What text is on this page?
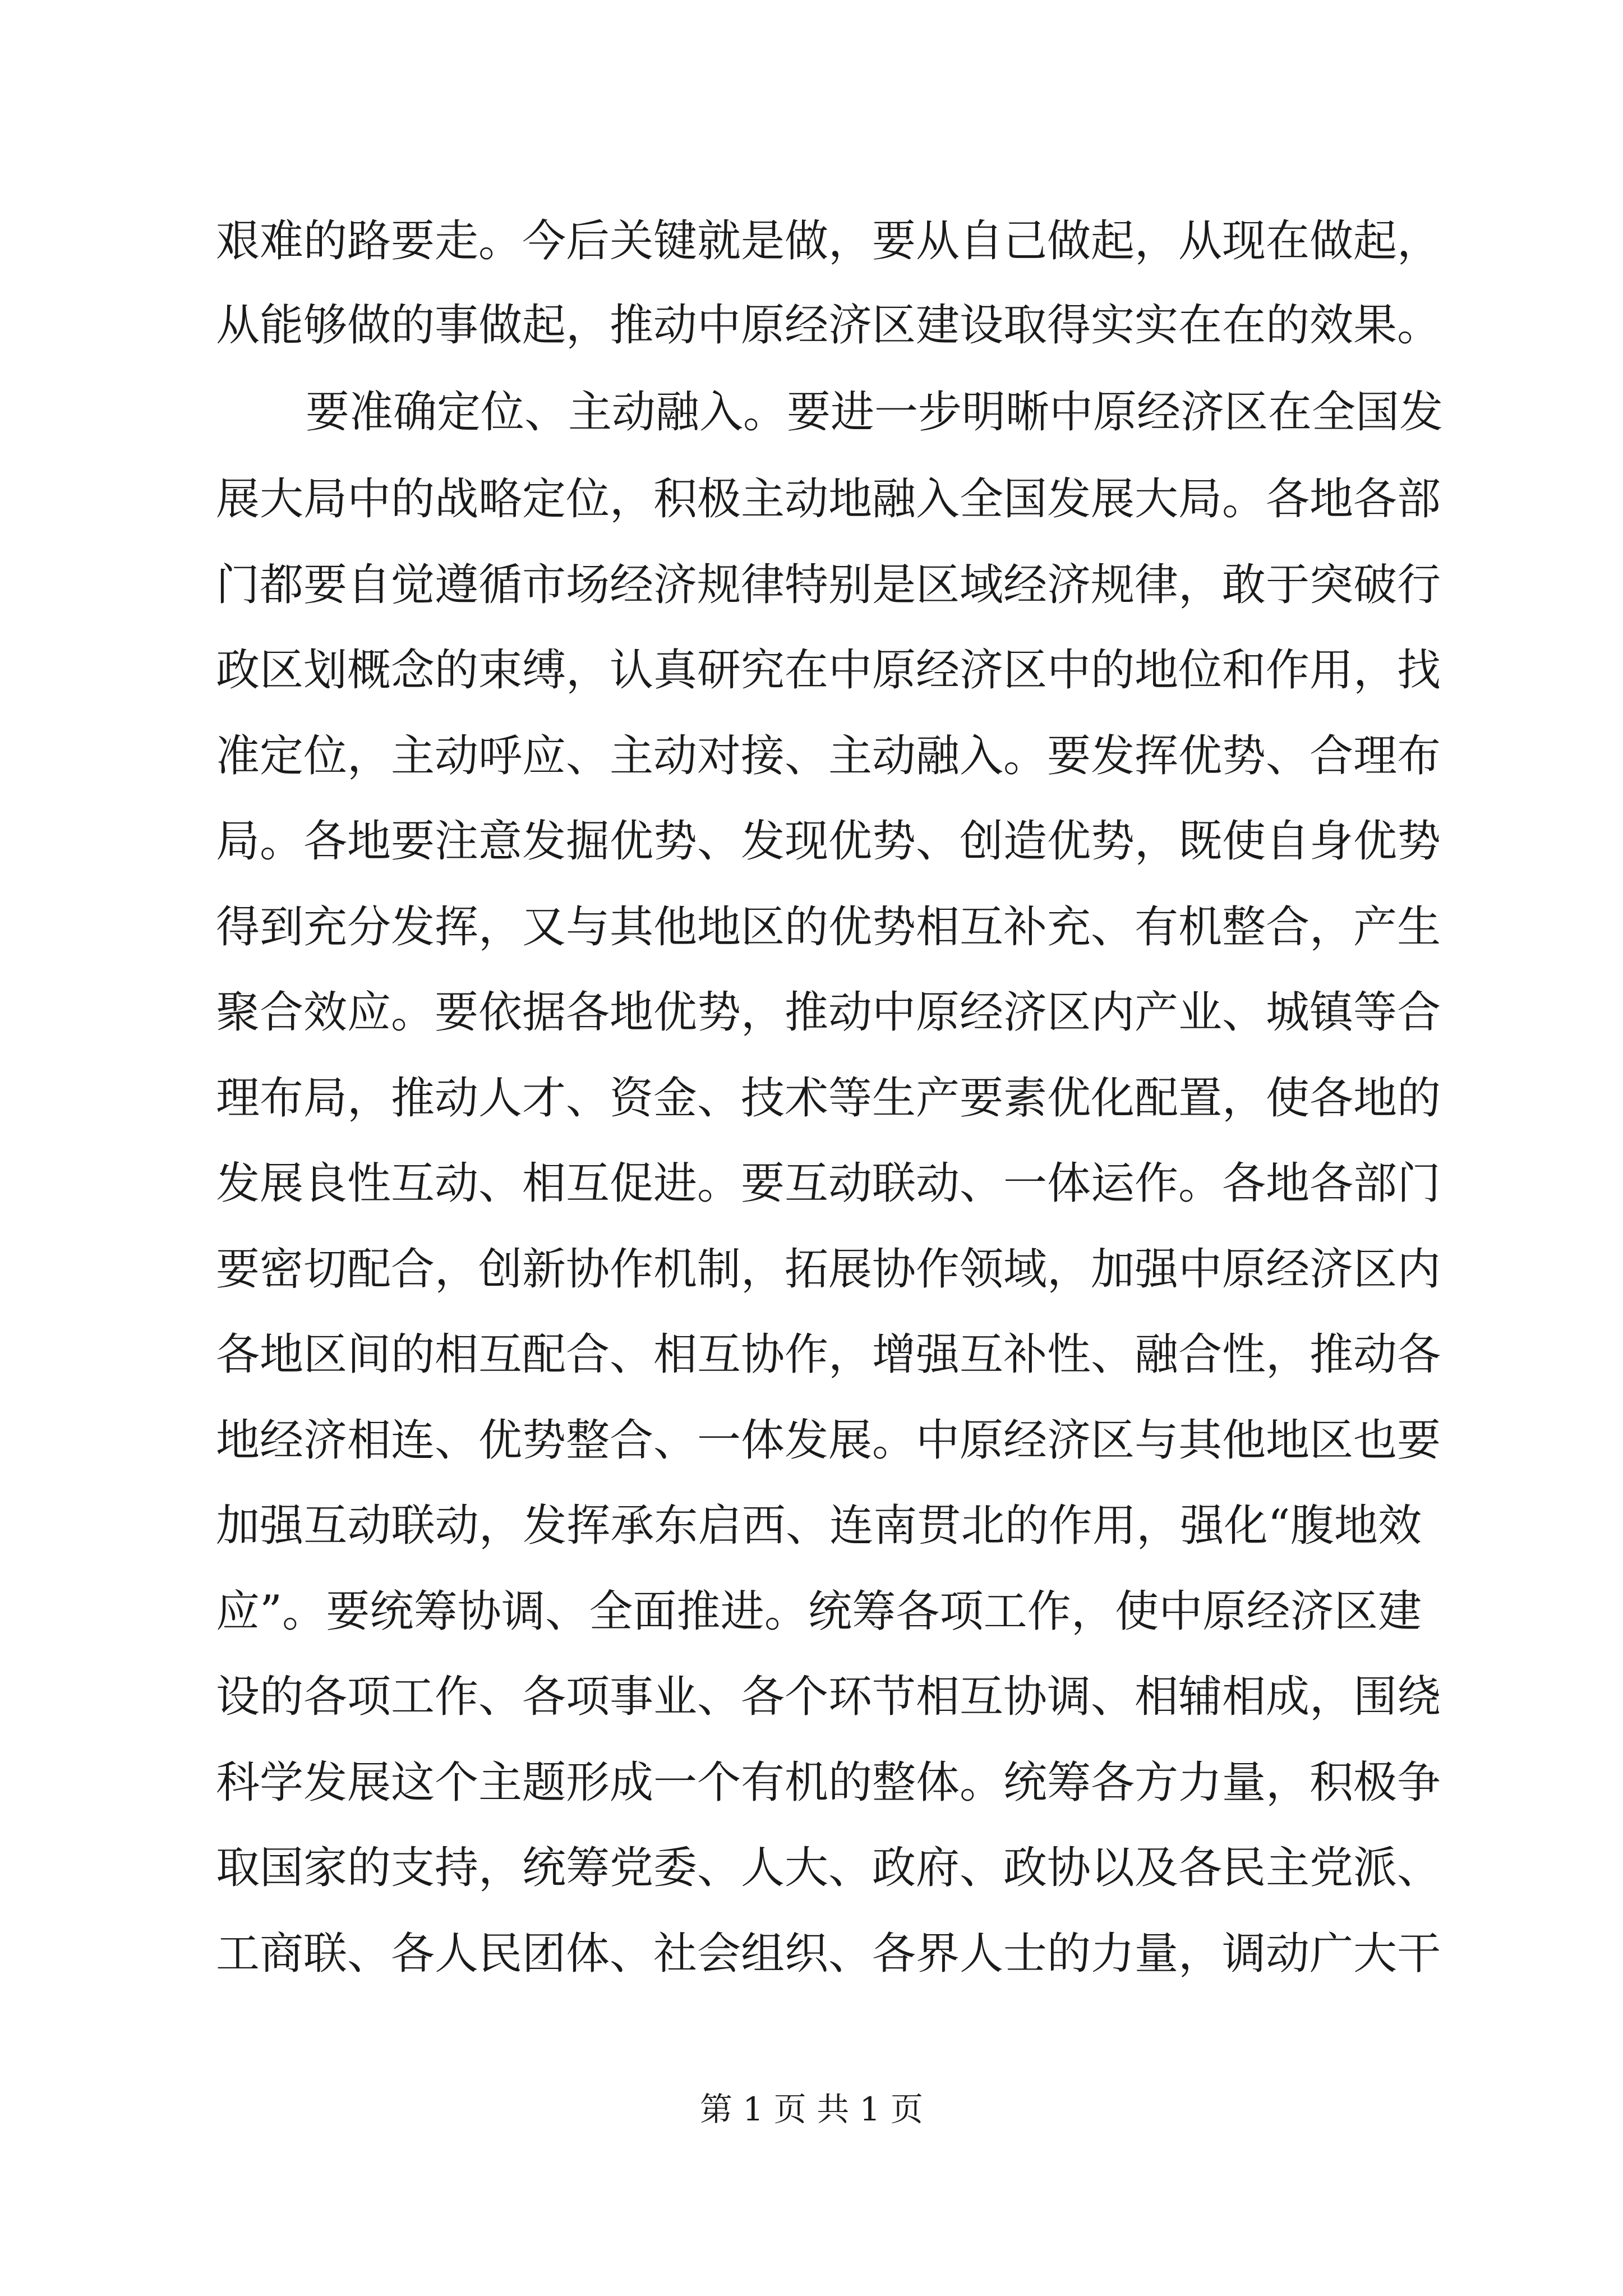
艰难的路要走。今后关键就是做，要从自己做起，从现在做起，
从能够做的事做起，推动中原经济区建设取得实实在在的效果。
要准确定位、主动融入。要进一步明晰中原经济区在全国发
展大局中的战略定位，积极主动地融入全国发展大局。各地各部
门都要自觉遵循市场经济规律特别是区域经济规律，敢于突破行
政区划概念的束缚，认真研究在中原经济区中的地位和作用，找
准定位，主动呼应、主动对接、主动融入。要发挥优势、合理布
局。各地要注意发掘优势、发现优势、创造优势，既使自身优势
得到充分发挥，又与其他地区的优势相互补充、有机整合，产生
聚合效应。要依据各地优势，推动中原经济区内产业、城镇等合
理布局，推动人才、资金、技术等生产要素优化配置，使各地的
发展良性互动、相互促进。要互动联动、一体运作。各地各部门
要密切配合，创新协作机制，拓展协作领域，加强中原经济区内
各地区间的相互配合、相互协作，增强互补性、融合性，推动各
地经济相连、优势整合、一体发展。中原经济区与其他地区也要
加强互动联动，发挥承东启西、连南贯北的作用，强化“腹地效
应”。要统筹协调、全面推进。统筹各项工作，使中原经济区建
设的各项工作、各项事业、各个环节相互协调、相辅相成，围绕
科学发展这个主题形成一个有机的整体。统筹各方力量，积极争
取国家的支持，统筹党委、人大、政府、政协以及各民主党派、
工商联、各人民团体、社会组织、各界人士的力量，调动广大干
第 1 页 共 1 页
